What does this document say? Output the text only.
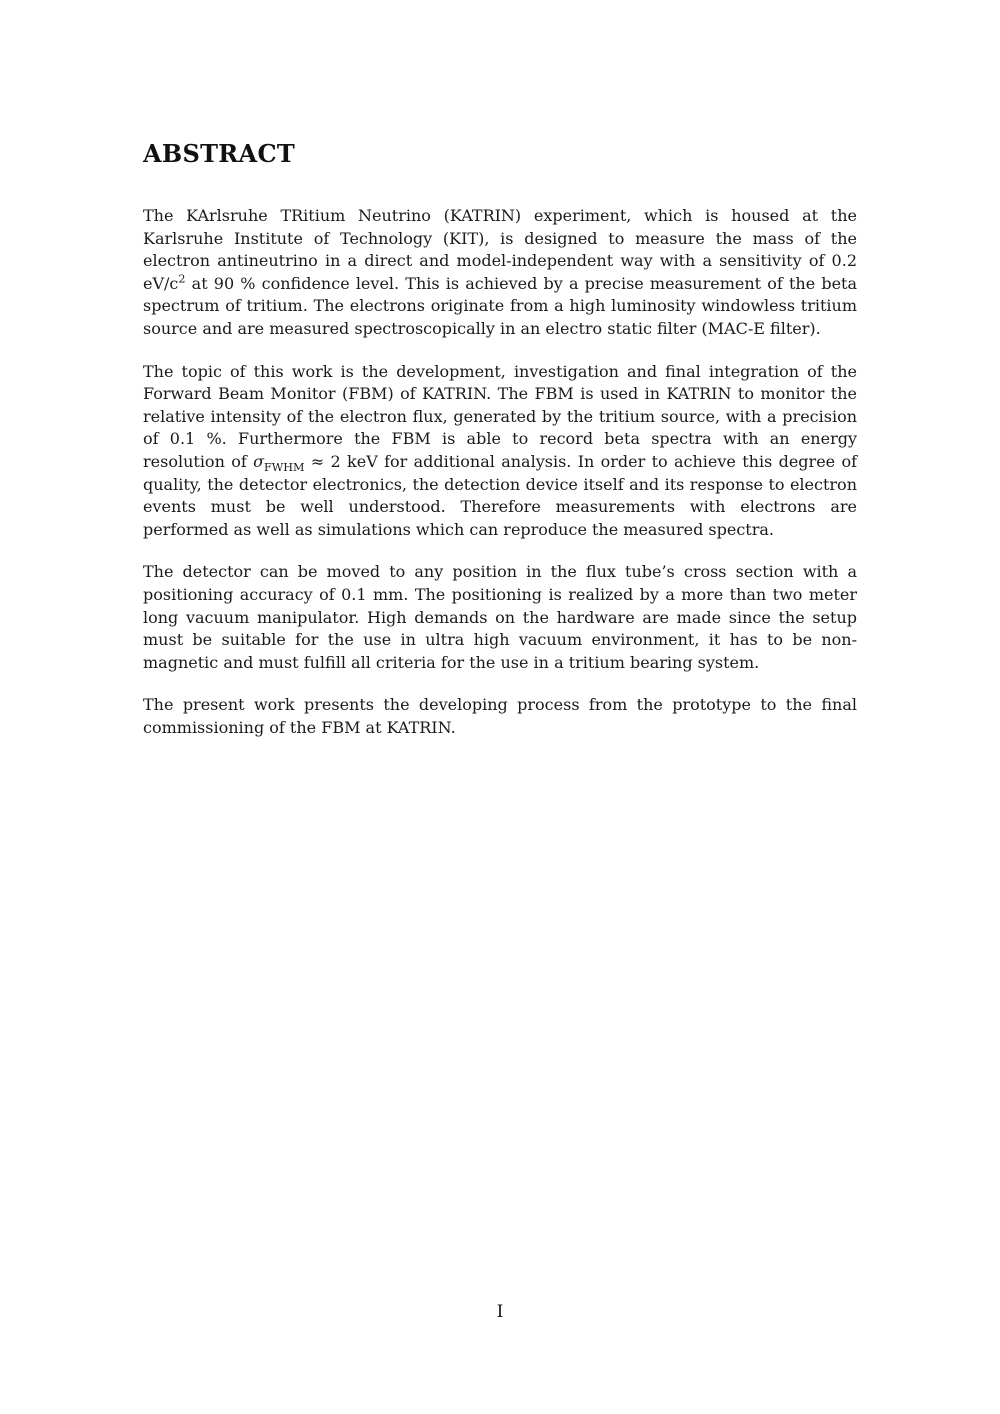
ABSTRACT

The KArlsruhe TRitium Neutrino (KATRIN) experiment, which is housed at the Karlsruhe Institute of Technology (KIT), is designed to measure the mass of the electron antineutrino in a direct and model-independent way with a sensitivity of 0.2 $eV/c^2$ at 90 % confidence level. This is achieved by a precise measurement of the beta spectrum of tritium. The electrons originate from a high luminosity windowless tritium source and are measured spectroscopically in an electro static filter (MAC-E filter).

The topic of this work is the development, investigation and final integration of the Forward Beam Monitor (FBM) of KATRIN. The FBM is used in KATRIN to monitor the relative intensity of the electron flux, generated by the tritium source, with a precision of 0.1 %. Furthermore the FBM is able to record beta spectra with an energy resolution of $\sigma_{FWHM} \approx 2$ keV for additional analysis. In order to achieve this degree of quality, the detector electronics, the detection device itself and its response to electron events must be well understood. Therefore measurements with electrons are performed as well as simulations which can reproduce the measured spectra.

The detector can be moved to any position in the flux tube’s cross section with a positioning accuracy of 0.1 mm. The positioning is realized by a more than two meter long vacuum manipulator. High demands on the hardware are made since the setup must be suitable for the use in ultra high vacuum environment, it has to be non-magnetic and must fulfill all criteria for the use in a tritium bearing system.

The present work presents the developing process from the prototype to the final commissioning of the FBM at KATRIN.

I
